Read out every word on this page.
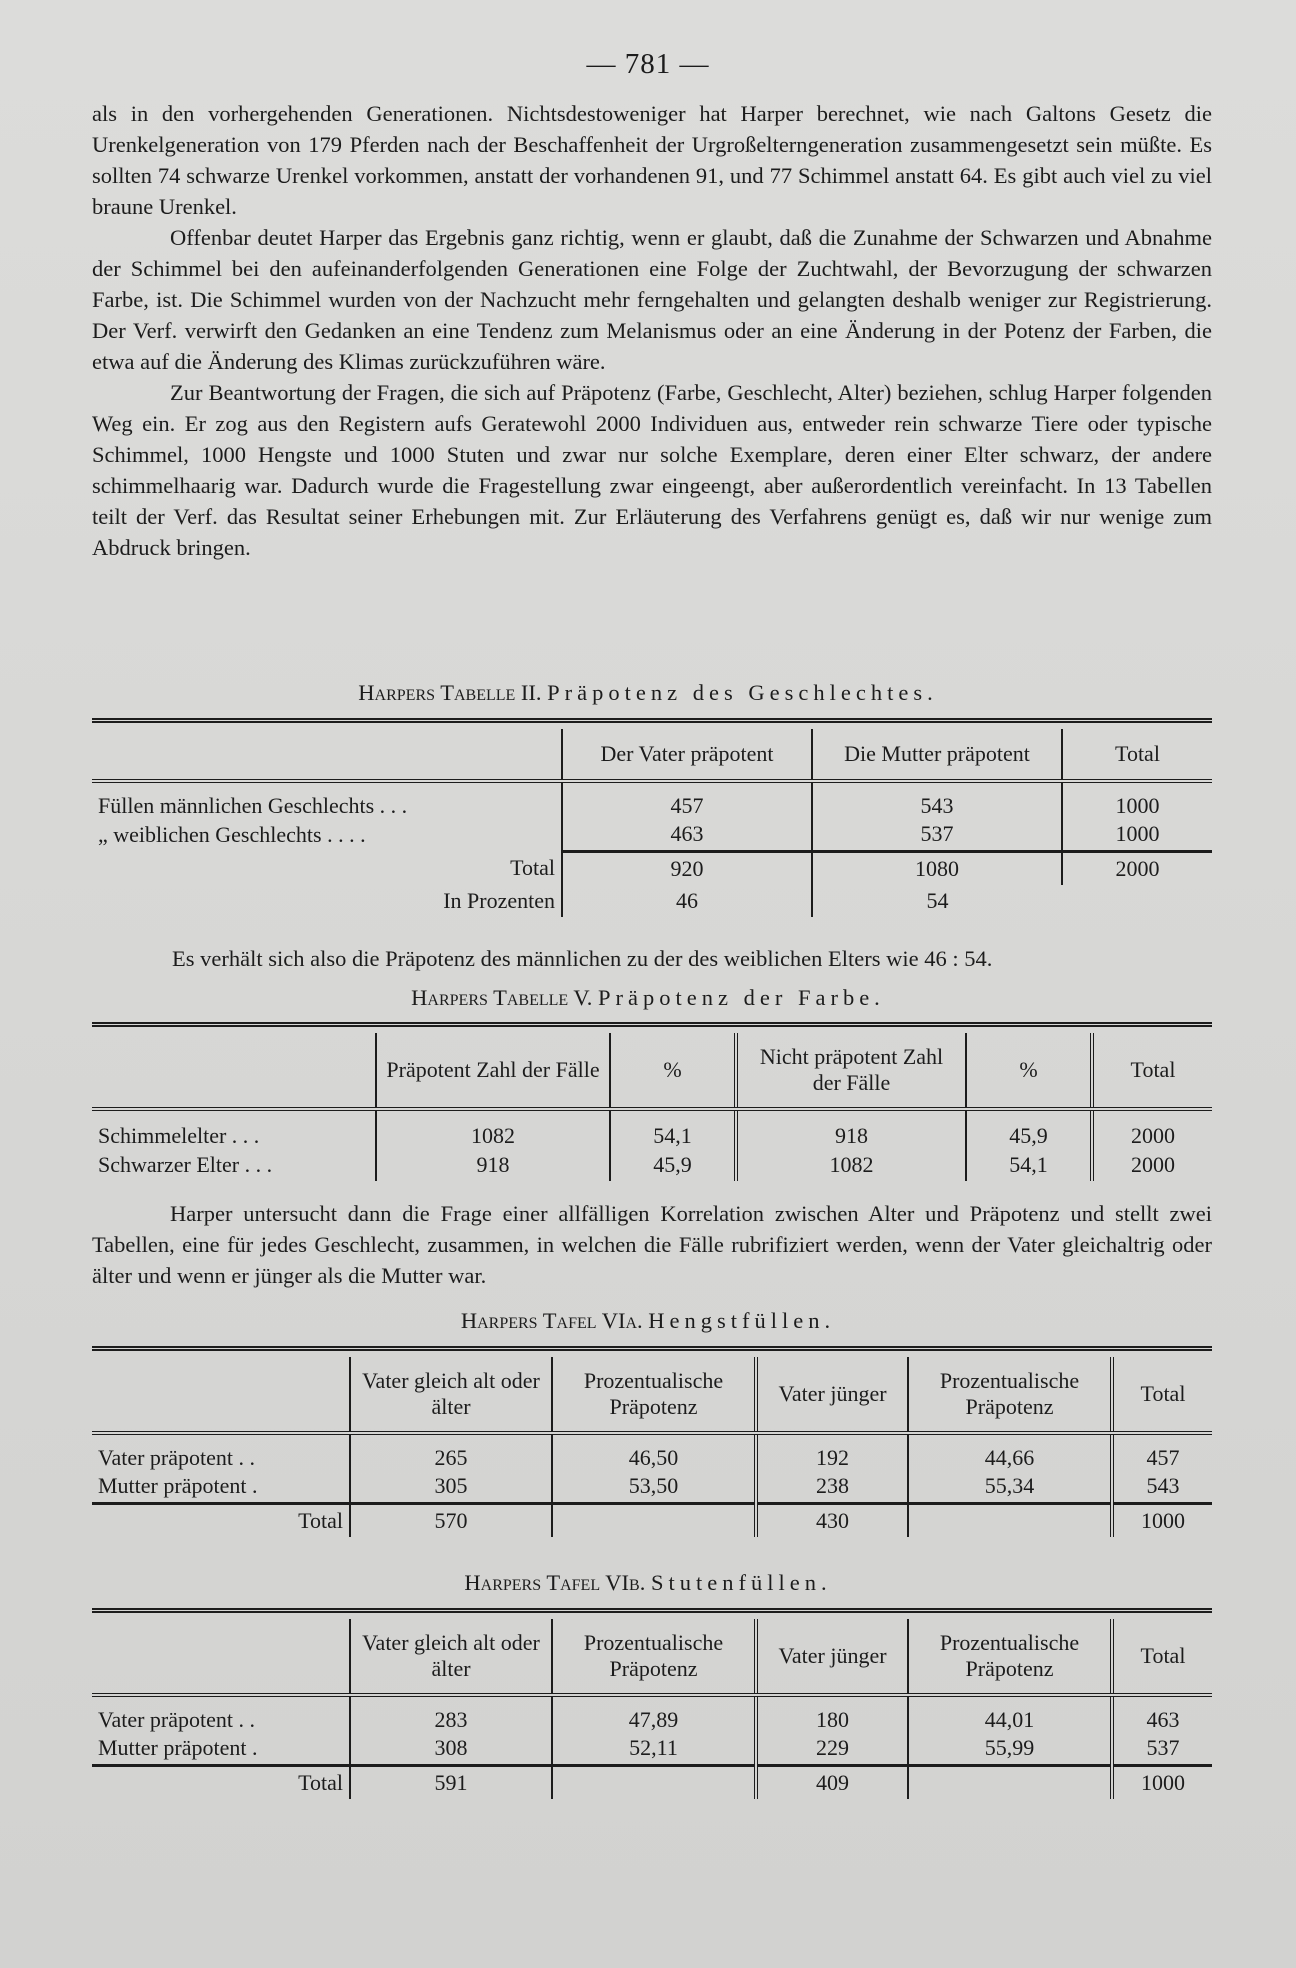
— 781 —

als in den vorhergehenden Generationen. Nichtsdestoweniger hat Harper berechnet, wie nach Galtons Gesetz die Urenkelgeneration von 179 Pferden nach der Beschaffenheit der Urgroßelterngeneration zusammengesetzt sein müßte. Es sollten 74 schwarze Urenkel vorkommen, anstatt der vorhandenen 91, und 77 Schimmel anstatt 64. Es gibt auch viel zu viel braune Urenkel.

Offenbar deutet Harper das Ergebnis ganz richtig, wenn er glaubt, daß die Zunahme der Schwarzen und Abnahme der Schimmel bei den aufeinanderfolgenden Generationen eine Folge der Zuchtwahl, der Bevorzugung der schwarzen Farbe, ist. Die Schimmel wurden von der Nachzucht mehr ferngehalten und gelangten deshalb weniger zur Registrierung. Der Verf. verwirft den Gedanken an eine Tendenz zum Melanismus oder an eine Änderung in der Potenz der Farben, die etwa auf die Änderung des Klimas zurückzuführen wäre.

Zur Beantwortung der Fragen, die sich auf Präpotenz (Farbe, Geschlecht, Alter) beziehen, schlug Harper folgenden Weg ein. Er zog aus den Registern aufs Geratewohl 2000 Individuen aus, entweder rein schwarze Tiere oder typische Schimmel, 1000 Hengste und 1000 Stuten und zwar nur solche Exemplare, deren einer Elter schwarz, der andere schimmelhaarig war. Dadurch wurde die Fragestellung zwar eingeengt, aber außerordentlich vereinfacht. In 13 Tabellen teilt der Verf. das Resultat seiner Erhebungen mit. Zur Erläuterung des Verfahrens genügt es, daß wir nur wenige zum Abdruck bringen.

Harpers Tabelle II. Präpotenz des Geschlechtes.

	Der Vater präpotent	Die Mutter präpotent	Total
Füllen männlichen Geschlechts . . .	457	543	1000
„ weiblichen Geschlechts . . . .	463	537	1000
Total	920	1080	2000
In Prozenten	46	54	
Es verhält sich also die Präpotenz des männlichen zu der des weiblichen Elters wie 46 : 54.
Harpers Tabelle V. Präpotenz der Farbe.

	Präpotent Zahl der Fälle	%	Nicht präpotent Zahl der Fälle	%	Total
Schimmelelter . . .	1082	54,1	918	45,9	2000
Schwarzer Elter . . .	918	45,9	1082	54,1	2000
Harper untersucht dann die Frage einer allfälligen Korrelation zwischen Alter und Präpotenz und stellt zwei Tabellen, eine für jedes Geschlecht, zusammen, in welchen die Fälle rubrifiziert werden, wenn der Vater gleichaltrig oder älter und wenn er jünger als die Mutter war.
Harpers Tafel VIa. Hengstfüllen.

	Vater gleich alt oder älter	Prozentualische Präpotenz	Vater jünger	Prozentualische Präpotenz	Total
Vater präpotent . .	265	46,50	192	44,66	457
Mutter präpotent .	305	53,50	238	55,34	543
Total	570		430		1000
Harpers Tafel VIb. Stutenfüllen.

	Vater gleich alt oder älter	Prozentualische Präpotenz	Vater jünger	Prozentualische Präpotenz	Total
Vater präpotent . .	283	47,89	180	44,01	463
Mutter präpotent .	308	52,11	229	55,99	537
Total	591		409		1000
